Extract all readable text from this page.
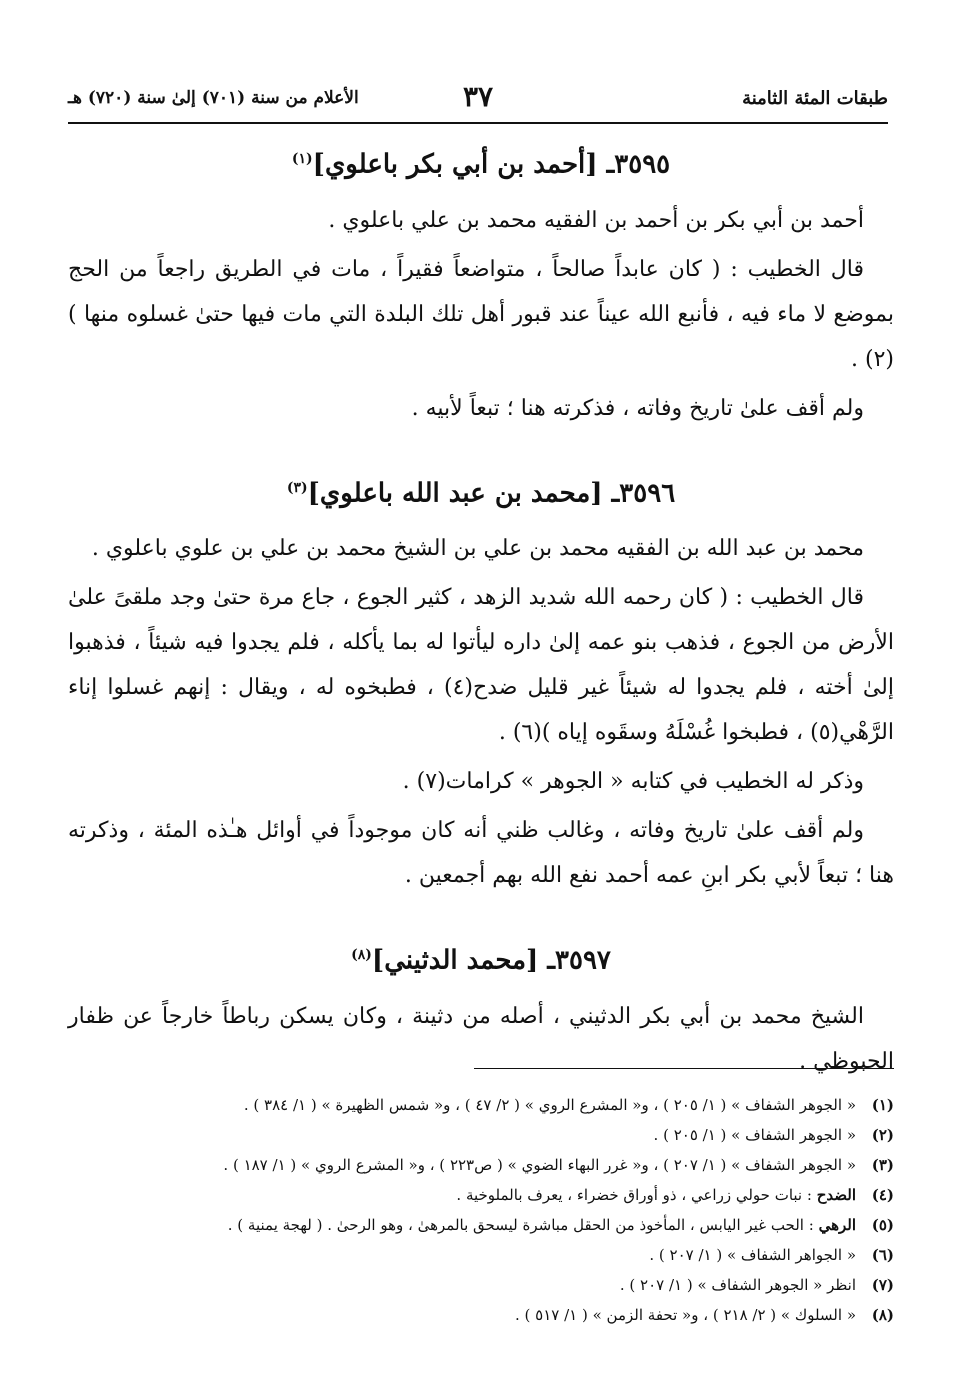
طبقات المئة الثامنة
٣٧
الأعلام من سنة (٧٠١) إلىٰ سنة (٧٢٠) هـ
٣٥٩٥ـ [أحمد بن أبي بكر باعلوي]$^{(١)}$

أحمد بن أبي بكر بن أحمد بن الفقيه محمد بن علي باعلوي .

قال الخطيب : ( كان عابداً صالحاً ، متواضعاً فقيراً ، مات في الطريق راجعاً من الحج بموضع لا ماء فيه ، فأنبع الله عيناً عند قبور أهل تلك البلدة التي مات فيها حتىٰ غسلوه منها )(٢) .

ولم أقف علىٰ تاريخ وفاته ، فذكرته هنا ؛ تبعاً لأبيه .

٣٥٩٦ـ [محمد بن عبد الله باعلوي]$^{(٣)}$

محمد بن عبد الله بن الفقيه محمد بن علي بن الشيخ محمد بن علي بن علوي باعلوي .

قال الخطيب : ( كان رحمه الله شديد الزهد ، كثير الجوع ، جاع مرة حتىٰ وجد ملقىً علىٰ الأرض من الجوع ، فذهب بنو عمه إلىٰ داره ليأتوا له بما يأكله ، فلم يجدوا فيه شيئاً ، فذهبوا إلىٰ أخته ، فلم يجدوا له شيئاً غير قليل ضدح(٤) ، فطبخوه له ، ويقال : إنهم غسلوا إناء الرَّهْي(٥) ، فطبخوا غُسْلَهُ وسقَوه إياه )(٦) .

وذكر له الخطيب في كتابه « الجوهر » كرامات(٧) .

ولم أقف علىٰ تاريخ وفاته ، وغالب ظني أنه كان موجوداً في أوائل هـٰذه المئة ، وذكرته هنا ؛ تبعاً لأبي بكر ابنِ عمه أحمد نفع الله بهم أجمعين .

٣٥٩٧ـ [محمد الدثيني]$^{(٨)}$

الشيخ محمد بن أبي بكر الدثيني ، أصله من دثينة ، وكان يسكن رباطاً خارجاً عن ظفار الحبوظي .

(١)« الجوهر الشفاف » ( ١/ ٢٠٥ ) ، و« المشرع الروي » ( ٢/ ٤٧ ) ، و« شمس الظهيرة » ( ١/ ٣٨٤ ) .
(٢)« الجوهر الشفاف » ( ١/ ٢٠٥ ) .
(٣)« الجوهر الشفاف » ( ١/ ٢٠٧ ) ، و« غرر البهاء الضوي » ( ص٢٢٣ ) ، و« المشرع الروي » ( ١/ ١٨٧ ) .
(٤)الضدح : نبات حولي زراعي ، ذو أوراق خضراء ، يعرف بالملوخية .
(٥)الرهي : الحب غير اليابس ، المأخوذ من الحقل مباشرة ليسحق بالمرهىٰ ، وهو الرحىٰ . ( لهجة يمنية ) .
(٦)« الجواهر الشفاف » ( ١/ ٢٠٧ ) .
(٧)انظر « الجوهر الشفاف » ( ١/ ٢٠٧ ) .
(٨)« السلوك » ( ٢/ ٢١٨ ) ، و« تحفة الزمن » ( ١/ ٥١٧ ) .
